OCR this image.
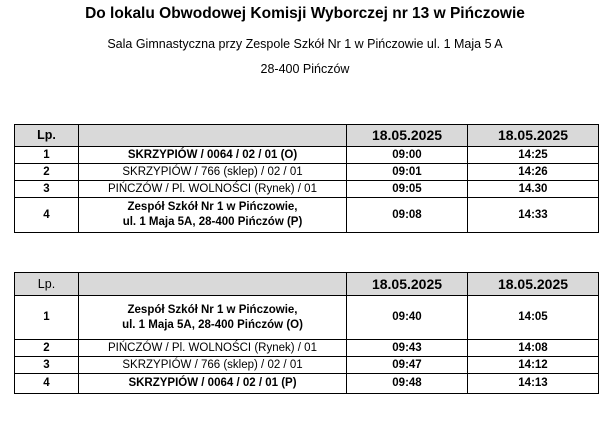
Do lokalu Obwodowej Komisji Wyborczej nr 13 w Pińczowie
Sala Gimnastyczna przy Zespole Szkół Nr 1 w Pińczowie ul. 1 Maja 5 A
28-400 Pińczów
Lp.		18.05.2025	18.05.2025
1	SKRZYPIÓW / 0064 / 02 / 01 (O)	09:00	14:25
2	SKRZYPIÓW / 766 (sklep) / 02 / 01	09:01	14:26
3	PIŃCZÓW / Pl. WOLNOŚCI (Rynek) / 01	09:05	14.30
4	Zespół Szkół Nr 1 w Pińczowie,
ul. 1 Maja 5A, 28-400 Pińczów (P)	09:08	14:33
Lp.		18.05.2025	18.05.2025
1	Zespół Szkół Nr 1 w Pińczowie,
ul. 1 Maja 5A, 28-400 Pińczów (O)	09:40	14:05
2	PIŃCZÓW / Pl. WOLNOŚCI (Rynek) / 01	09:43	14:08
3	SKRZYPIÓW / 766 (sklep) / 02 / 01	09:47	14:12
4	SKRZYPIÓW / 0064 / 02 / 01 (P)	09:48	14:13
